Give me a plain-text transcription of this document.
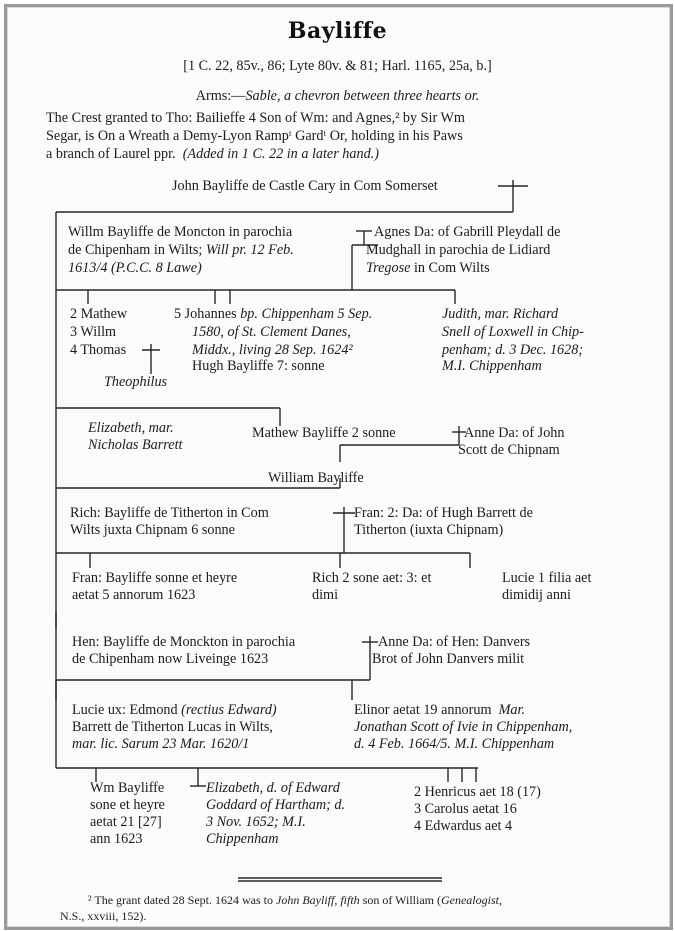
Bayliffe
[1 C. 22, 85v., 86; Lyte 80v. & 81; Harl. 1165, 25a, b.]
Arms:—Sable, a chevron between three hearts or.
The Crest granted to Tho: Bailieffe 4 Son of Wm: and Agnes,² by Sir Wm
Segar, is On a Wreath a Demy-Lyon Rampᵗ Gardᵗ Or, holding in his Paws
a branch of Laurel ppr. (Added in 1 C. 22 in a later hand.)
John Bayliffe de Castle Cary in Com Somerset
Willm Bayliffe de Moncton in parochia
de Chipenham in Wilts; Will pr. 12 Feb.
1613/4 (P.C.C. 8 Lawe)
Agnes Da: of Gabrill Pleydall de
Mudghall in parochia de Lidiard
Tregose in Com Wilts
2 Mathew
3 Willm
4 Thomas
Theophilus
5 Johannes bp. Chippenham 5 Sep.
1580, of St. Clement Danes,
Middx., living 28 Sep. 1624²
Hugh Bayliffe 7: sonne
Judith, mar. Richard
Snell of Loxwell in Chip-
penham; d. 3 Dec. 1628;
M.I. Chippenham
Elizabeth, mar.
Nicholas Barrett
Mathew Bayliffe 2 sonne	Anne Da: of John
Scott de Chipnam
William Bayliffe
Rich: Bayliffe de Titherton in Com
Wilts juxta Chipnam 6 sonne
Fran: 2: Da: of Hugh Barrett de
Titherton (iuxta Chipnam)
Fran: Bayliffe sonne et heyre
aetat 5 annorum 1623
Rich 2 sone aet: 3: et
dimi
Lucie 1 filia aet
dimidij anni
Hen: Bayliffe de Monckton in parochia
de Chipenham now Liveinge 1623
Anne Da: of Hen: Danvers
Brot of John Danvers milit
Lucie ux: Edmond (rectius Edward)
Barrett de Titherton Lucas in Wilts,
mar. lic. Sarum 23 Mar. 1620/1
Elinor aetat 19 annorum Mar.
Jonathan Scott of Ivie in Chippenham,
d. 4 Feb. 1664/5. M.I. Chippenham
Wm Bayliffe
sone et heyre
aetat 21 [27]
ann 1623
Elizabeth, d. of Edward
Goddard of Hartham; d.
3 Nov. 1652; M.I.
Chippenham
2 Henricus aet 18 (17)
3 Carolus aetat 16
4 Edwardus aet 4
² The grant dated 28 Sept. 1624 was to John Bayliff, fifth son of William (Genealogist,
N.S., xxviii, 152).
